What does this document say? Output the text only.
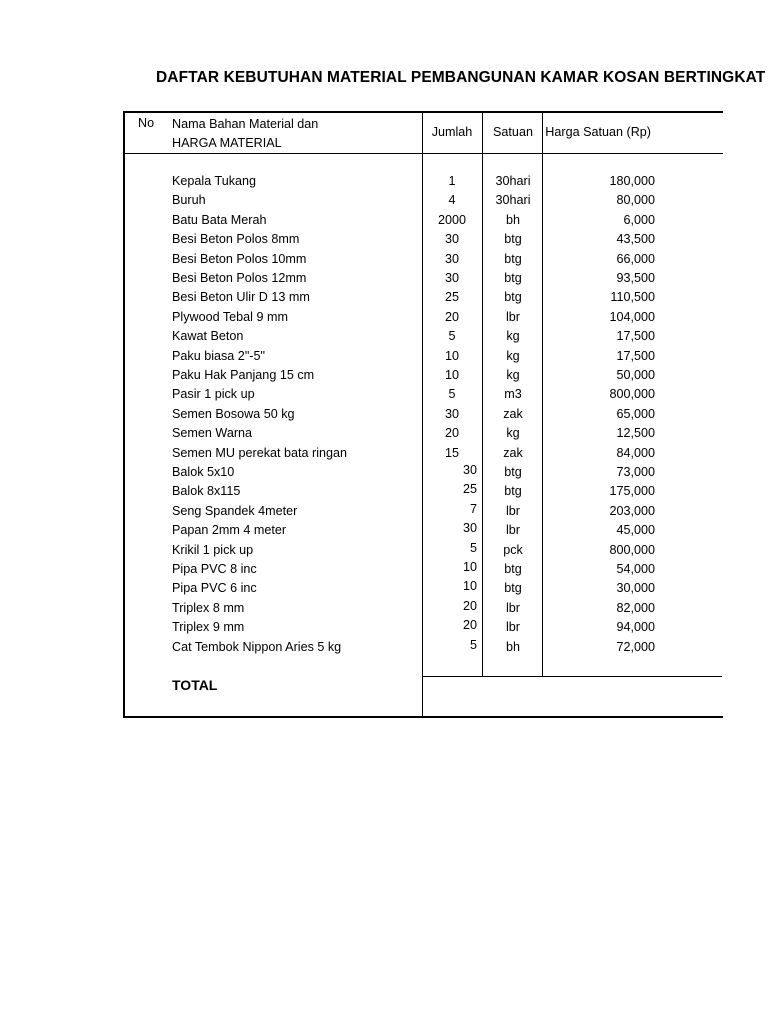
DAFTAR KEBUTUHAN MATERIAL PEMBANGUNAN KAMAR KOSAN BERTINGKAT
No Nama Bahan Material dan
HARGA MATERIAL
Jumlah	Satuan Harga Satuan (Rp)
Kepala Tukang	1	30hari	180,000
Buruh	4	30hari	80,000
Batu Bata Merah	2000	bh	6,000
Besi Beton Polos 8mm	30	btg	43,500
Besi Beton Polos 10mm	30	btg	66,000
Besi Beton Polos 12mm	30	btg	93,500
Besi Beton Ulir D 13 mm	25	btg	110,500
Plywood Tebal 9 mm	20	lbr	104,000
Kawat Beton	5	kg	17,500
Paku biasa 2"-5"	10	kg	17,500
Paku Hak Panjang 15 cm	10	kg	50,000
Pasir 1 pick up	5	m3	800,000
Semen Bosowa 50 kg	30	zak	65,000
Semen Warna	20	kg	12,500
Semen MU perekat bata ringan	15	zak	84,000
Balok 5x10	30	btg	73,000
Balok 8x115	25	btg	175,000
Seng Spandek 4meter	7	lbr	203,000
Papan 2mm 4 meter	30	lbr	45,000
Krikil 1 pick up	5	pck	800,000
Pipa PVC 8 inc	10	btg	54,000
Pipa PVC 6 inc	10	btg	30,000
Triplex 8 mm	20	lbr	82,000
Triplex 9 mm	20	lbr	94,000
Cat Tembok Nippon Aries 5 kg	5	bh	72,000
TOTAL
